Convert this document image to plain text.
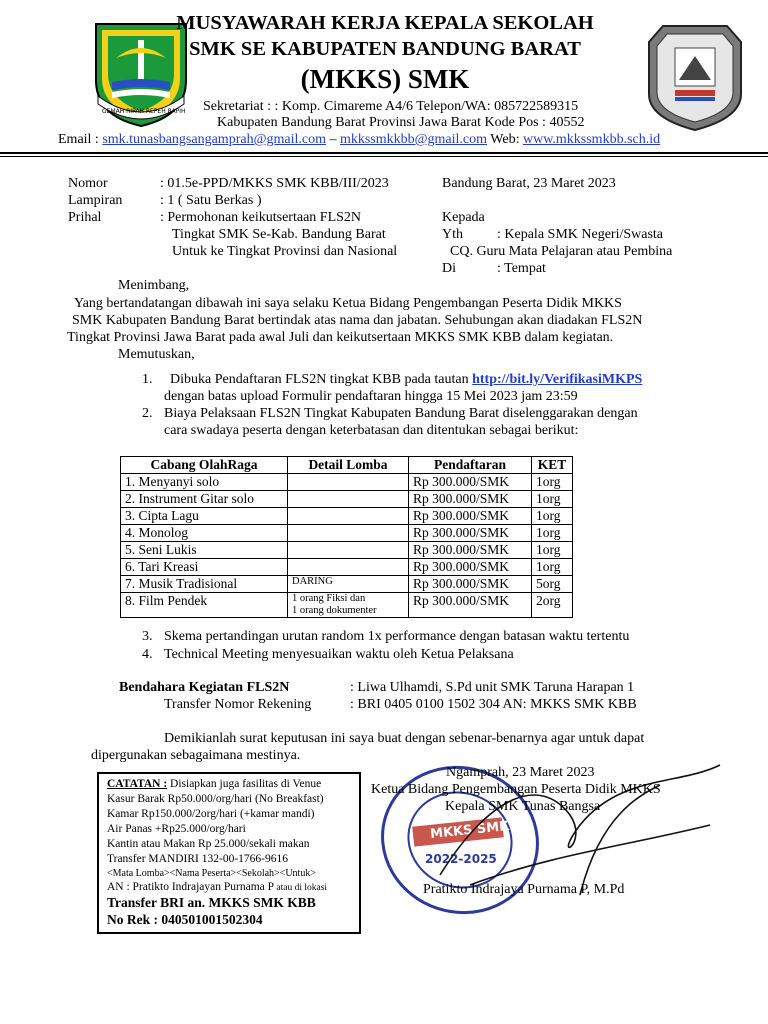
GEMAH RIPAH REPEH RAPIH
MUSYAWARAH KERJA KEPALA SEKOLAH
SMK SE KABUPATEN BANDUNG BARAT
(MKKS) SMK
Sekretariat : : Komp. Cimareme A4/6 Telepon/WA: 085722589315
Kabupaten Bandung Barat Provinsi Jawa Barat Kode Pos : 40552
Email : smk.tunasbangsangamprah@gmail.com – mkkssmkkbb@gmail.com Web: www.mkkssmkbb.sch.id
Nomor	: 01.5e-PPD/MKKS SMK KBB/III/2023
Lampiran	: 1 ( Satu Berkas )
Prihal	: Permohonan keikutsertaan FLS2N
Tingkat SMK Se-Kab. Bandung Barat
Untuk ke Tingkat Provinsi dan Nasional
Bandung Barat, 23 Maret 2023
Kepada
Yth : Kepala SMK Negeri/Swasta
CQ. Guru Mata Pelajaran atau Pembina
Di	: Tempat
Menimbang,
Yang bertandatangan dibawah ini saya selaku Ketua Bidang Pengembangan Peserta Didik MKKS
SMK Kabupaten Bandung Barat bertindak atas nama dan jabatan. Sehubungan akan diadakan FLS2N
Tingkat Provinsi Jawa Barat pada awal Juli dan keikutsertaan MKKS SMK KBB dalam kegiatan.
Memutuskan,
1. Dibuka Pendaftaran FLS2N tingkat KBB pada tautan http://bit.ly/VerifikasiMKPS
dengan batas upload Formulir pendaftaran hingga 15 Mei 2023 jam 23:59
2. Biaya Pelaksaan FLS2N Tingkat Kabupaten Bandung Barat diselenggarakan dengan
cara swadaya peserta dengan keterbatasan dan ditentukan sebagai berikut:
Cabang OlahRaga	Detail Lomba	Pendaftaran	KET
1. Menyanyi solo		Rp 300.000/SMK	1org
2. Instrument Gitar solo		Rp 300.000/SMK	1org
3. Cipta Lagu		Rp 300.000/SMK	1org
4. Monolog		Rp 300.000/SMK	1org
5. Seni Lukis		Rp 300.000/SMK	1org
6. Tari Kreasi		Rp 300.000/SMK	1org
7. Musik Tradisional	DARING	Rp 300.000/SMK	5org
8. Film Pendek	1 orang Fiksi dan
1 orang dokumenter	Rp 300.000/SMK	2org
3. Skema pertandingan urutan random 1x performance dengan batasan waktu tertentu
4. Technical Meeting menyesuaikan waktu oleh Ketua Pelaksana
Bendahara Kegiatan FLS2N	: Liwa Ulhamdi, S.Pd unit SMK Taruna Harapan 1
Transfer Nomor Rekening	: BRI 0405 0100 1502 304 AN: MKKS SMK KBB
Demikianlah surat keputusan ini saya buat dengan sebenar-benarnya agar untuk dapat
dipergunakan sebagaimana mestinya.
CATATAN : Disiapkan juga fasilitas di Venue
Kasur Barak Rp50.000/org/hari (No Breakfast)
Kamar Rp150.000/2org/hari (+kamar mandi)
Air Panas +Rp25.000/org/hari
Kantin atau Makan Rp 25.000/sekali makan
Transfer MANDIRI 132-00-1766-9616
<Mata Lomba><Nama Peserta><Sekolah><Untuk>
AN : Pratikto Indrajayan Purnama P atau di lokasi
Transfer BRI an. MKKS SMK KBB
No Rek : 040501001502304
MKKS SMK
2022-2025
Ngamprah, 23 Maret 2023
Ketua Bidang Pengembangan Peserta Didik MKKS
Kepala SMK Tunas Bangsa
Pratikto Indrajaya Purnama P, M.Pd
